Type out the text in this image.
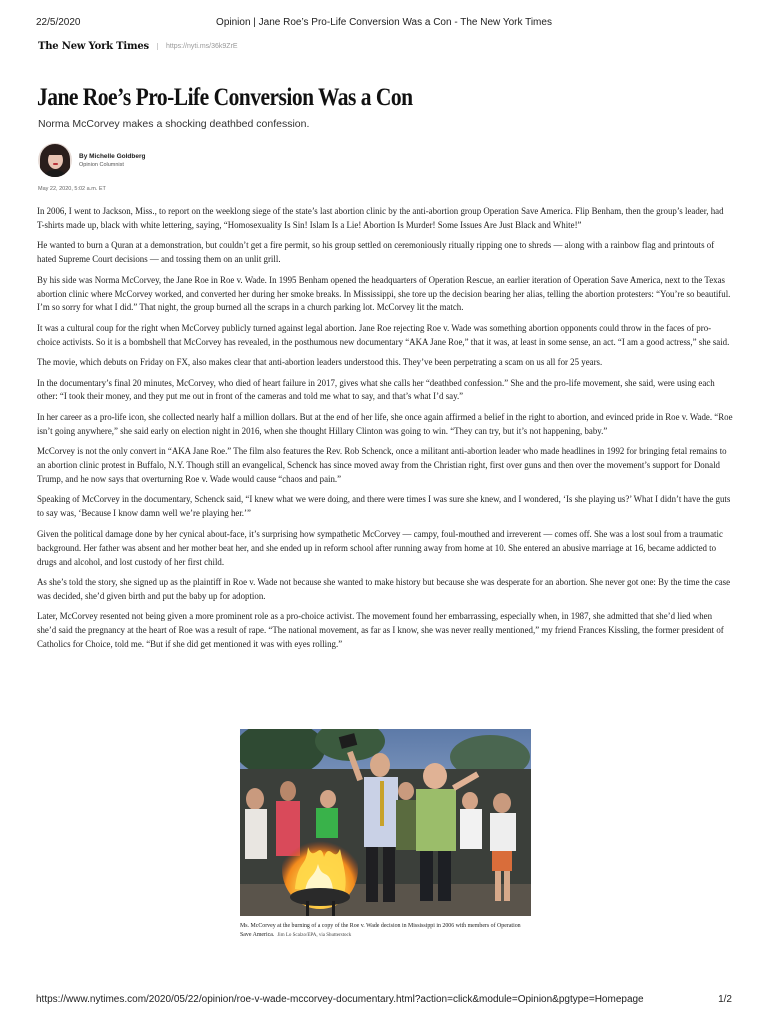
22/5/2020	Opinion | Jane Roe’s Pro-Life Conversion Was a Con - The New York Times
The New York Times	https://nyti.ms/36k9ZrE
Jane Roe’s Pro-Life Conversion Was a Con

Norma McCorvey makes a shocking deathbed confession.

By Michelle Goldberg
Opinion Columnist
May 22, 2020, 5:02 a.m. ET

In 2006, I went to Jackson, Miss., to report on the weeklong siege of the state’s last abortion clinic by the anti-abortion group Operation Save America. Flip Benham, then the group’s leader, had T-shirts made up, black with white lettering, saying, “Homosexuality Is Sin! Islam Is a Lie! Abortion Is Murder! Some Issues Are Just Black and White!”

He wanted to burn a Quran at a demonstration, but couldn’t get a fire permit, so his group settled on ceremoniously ritually ripping one to shreds — along with a rainbow flag and printouts of hated Supreme Court decisions — and tossing them on an unlit grill.

By his side was Norma McCorvey, the Jane Roe in Roe v. Wade. In 1995 Benham opened the headquarters of Operation Rescue, an earlier iteration of Operation Save America, next to the Texas abortion clinic where McCorvey worked, and converted her during her smoke breaks. In Mississippi, she tore up the decision bearing her alias, telling the abortion protesters: “You’re so beautiful. I’m so sorry for what I did.” That night, the group burned all the scraps in a church parking lot. McCorvey lit the match.

It was a cultural coup for the right when McCorvey publicly turned against legal abortion. Jane Roe rejecting Roe v. Wade was something abortion opponents could throw in the faces of pro-choice activists. So it is a bombshell that McCorvey has revealed, in the posthumous new documentary “AKA Jane Roe,” that it was, at least in some sense, an act. “I am a good actress,” she said.

The movie, which debuts on Friday on FX, also makes clear that anti-abortion leaders understood this. They’ve been perpetrating a scam on us all for 25 years.

In the documentary’s final 20 minutes, McCorvey, who died of heart failure in 2017, gives what she calls her “deathbed confession.” She and the pro-life movement, she said, were using each other: “I took their money, and they put me out in front of the cameras and told me what to say, and that’s what I’d say.”

In her career as a pro-life icon, she collected nearly half a million dollars. But at the end of her life, she once again affirmed a belief in the right to abortion, and evinced pride in Roe v. Wade. “Roe isn’t going anywhere,” she said early on election night in 2016, when she thought Hillary Clinton was going to win. “They can try, but it’s not happening, baby.”

McCorvey is not the only convert in “AKA Jane Roe.” The film also features the Rev. Rob Schenck, once a militant anti-abortion leader who made headlines in 1992 for bringing fetal remains to an abortion clinic protest in Buffalo, N.Y. Though still an evangelical, Schenck has since moved away from the Christian right, first over guns and then over the movement’s support for Donald Trump, and he now says that overturning Roe v. Wade would cause “chaos and pain.”

Speaking of McCorvey in the documentary, Schenck said, “I knew what we were doing, and there were times I was sure she knew, and I wondered, ‘Is she playing us?’ What I didn’t have the guts to say was, ‘Because I know damn well we’re playing her.’”

Given the political damage done by her cynical about-face, it’s surprising how sympathetic McCorvey — campy, foul-mouthed and irreverent — comes off. She was a lost soul from a traumatic background. Her father was absent and her mother beat her, and she ended up in reform school after running away from home at 10. She entered an abusive marriage at 16, became addicted to drugs and alcohol, and lost custody of her first child.

As she’s told the story, she signed up as the plaintiff in Roe v. Wade not because she wanted to make history but because she was desperate for an abortion. She never got one: By the time the case was decided, she’d given birth and put the baby up for adoption.

Later, McCorvey resented not being given a more prominent role as a pro-choice activist. The movement found her embarrassing, especially when, in 1987, she admitted that she’d lied when she’d said the pregnancy at the heart of Roe was a result of rape. “The national movement, as far as I know, she was never really mentioned,” my friend Frances Kissling, the former president of Catholics for Choice, told me. “But if she did get mentioned it was with eyes rolling.”

Ms. McCorvey at the burning of a copy of the Roe v. Wade decision in Mississippi in 2006 with members of Operation Save America. Jim Lo Scalzo/EPA, via Shutterstock
https://www.nytimes.com/2020/05/22/opinion/roe-v-wade-mccorvey-documentary.html?action=click&module=Opinion&pgtype=Homepage	1/2
